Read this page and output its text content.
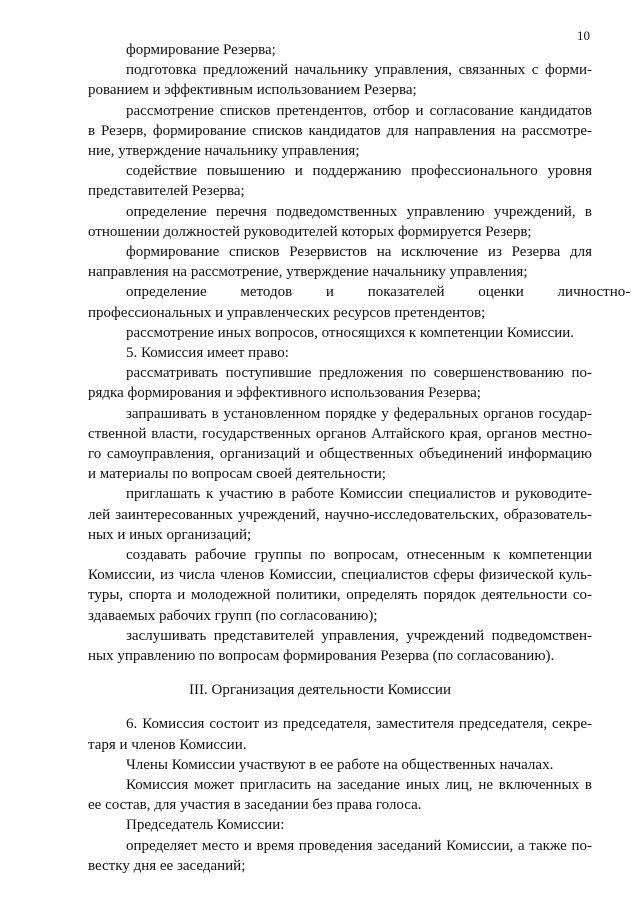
10
формирование Резерва;
подготовка предложений начальнику управления, связанных с форми-
рованием и эффективным использованием Резерва;
рассмотрение списков претендентов, отбор и согласование кандидатов
в Резерв, формирование списков кандидатов для направления на рассмотре-
ние, утверждение начальнику управления;
содействие повышению и поддержанию профессионального уровня
представителей Резерва;
определение перечня подведомственных управлению учреждений, в
отношении должностей руководителей которых формируется Резерв;
формирование списков Резервистов на исключение из Резерва для
направления на рассмотрение, утверждение начальнику управления;
определение методов и показателей оценки личностно-
профессиональных и управленческих ресурсов претендентов;
рассмотрение иных вопросов, относящихся к компетенции Комиссии.
5. Комиссия имеет право:
рассматривать поступившие предложения по совершенствованию по-
рядка формирования и эффективного использования Резерва;
запрашивать в установленном порядке у федеральных органов государ-
ственной власти, государственных органов Алтайского края, органов местно-
го самоуправления, организаций и общественных объединений информацию
и материалы по вопросам своей деятельности;
приглашать к участию в работе Комиссии специалистов и руководите-
лей заинтересованных учреждений, научно-исследовательских, образователь-
ных и иных организаций;
создавать рабочие группы по вопросам, отнесенным к компетенции
Комиссии, из числа членов Комиссии, специалистов сферы физической куль-
туры, спорта и молодежной политики, определять порядок деятельности со-
здаваемых рабочих групп (по согласованию);
заслушивать представителей управления, учреждений подведомствен-
ных управлению по вопросам формирования Резерва (по согласованию).
III. Организация деятельности Комиссии
6. Комиссия состоит из председателя, заместителя председателя, секре-
таря и членов Комиссии.
Члены Комиссии участвуют в ее работе на общественных началах.
Комиссия может пригласить на заседание иных лиц, не включенных в
ее состав, для участия в заседании без права голоса.
Председатель Комиссии:
определяет место и время проведения заседаний Комиссии, а также по-
вестку дня ее заседаний;
